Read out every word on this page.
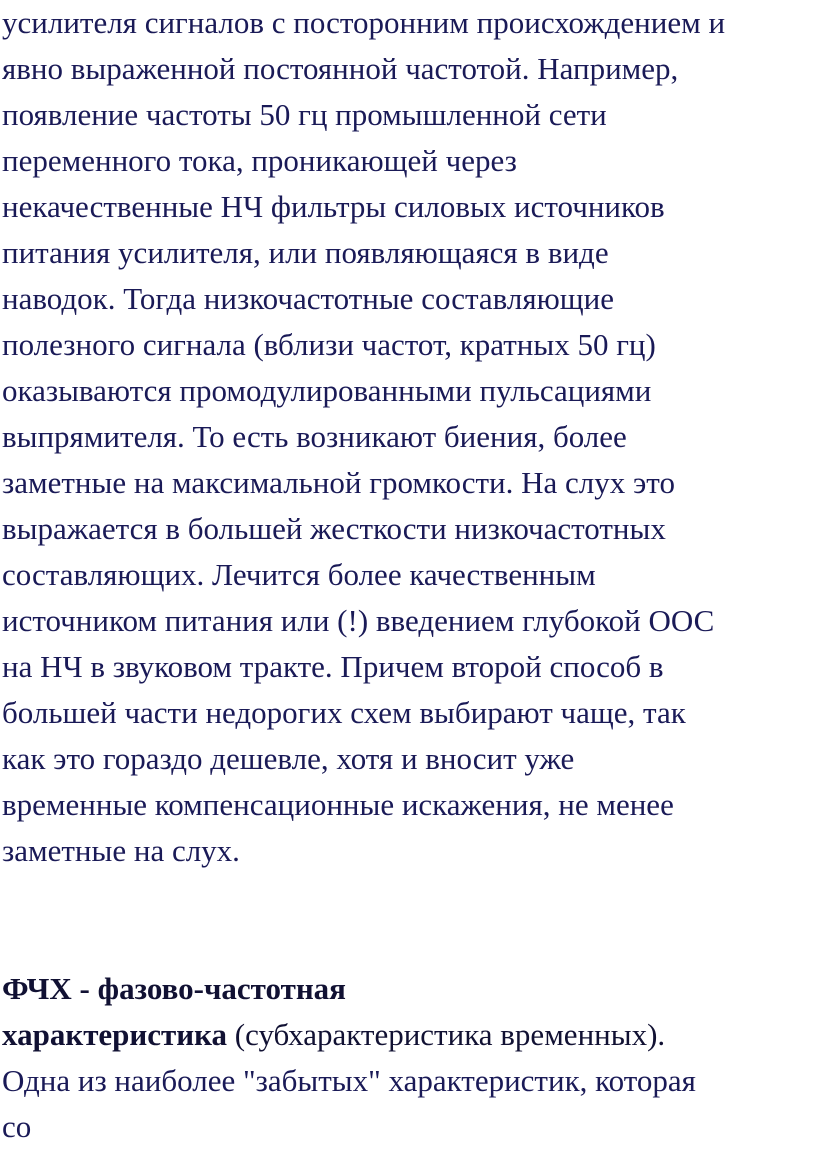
усилителя сигналов с посторонним происхождением и
явно выраженной постоянной частотой. Например,
появление частоты 50 гц промышленной сети
переменного тока, проникающей через
некачественные НЧ фильтры силовых источников
питания усилителя, или появляющаяся в виде
наводок. Тогда низкочастотные составляющие
полезного сигнала (вблизи частот, кратных 50 гц)
оказываются промодулированными пульсациями
выпрямителя. То есть возникают биения, более
заметные на максимальной громкости. На слух это
выражается в большей жесткости низкочастотных
составляющих. Лечится более качественным
источником питания или (!) введением глубокой ООС
на НЧ в звуковом тракте. Причем второй способ в
большей части недорогих схем выбирают чаще, так
как это гораздо дешевле, хотя и вносит уже
временные компенсационные искажения, не менее
заметные на слух.
ФЧХ - фазово-частотная
характеристика (субхарактеристика временных).
Одна из наиболее "забытых" характеристик, которая
со
